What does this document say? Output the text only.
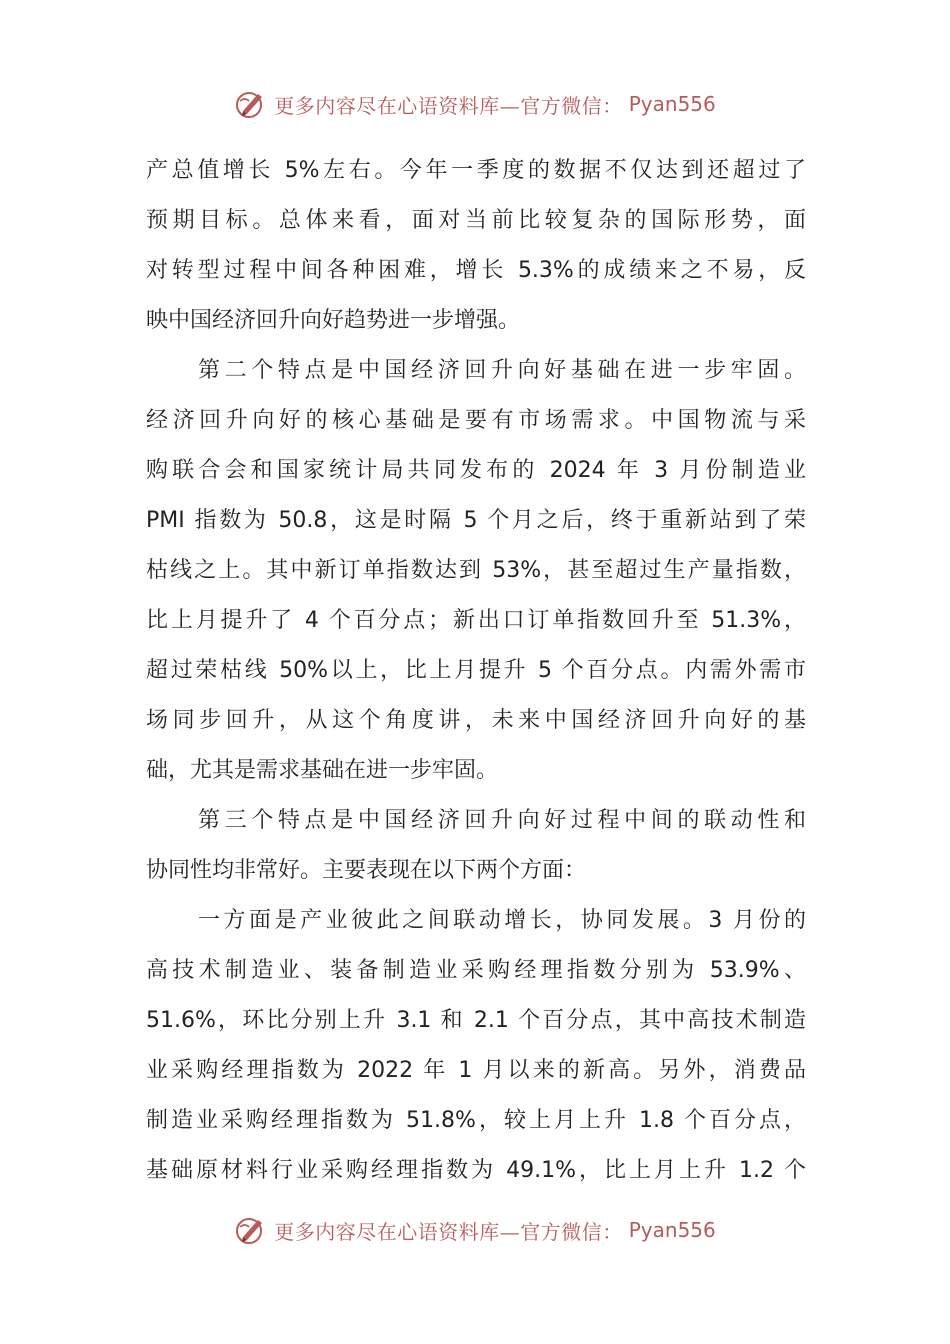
更多内容尽在心语资料库—官方微信： Pyan556
产总值增长 5%左右。今年一季度的数据不仅达到还超过了
预期目标。总体来看，面对当前比较复杂的国际形势，面
对转型过程中间各种困难，增长 5.3%的成绩来之不易，反
映中国经济回升向好趋势进一步增强。
第二个特点是中国经济回升向好基础在进一步牢固。
经济回升向好的核心基础是要有市场需求。中国物流与采
购联合会和国家统计局共同发布的 2024 年 3 月份制造业
PMI 指数为 50.8，这是时隔 5 个月之后，终于重新站到了荣
枯线之上。其中新订单指数达到 53%，甚至超过生产量指数，
比上月提升了 4 个百分点；新出口订单指数回升至 51.3%，
超过荣枯线 50%以上，比上月提升 5 个百分点。内需外需市
场同步回升，从这个角度讲，未来中国经济回升向好的基
础，尤其是需求基础在进一步牢固。
第三个特点是中国经济回升向好过程中间的联动性和
协同性均非常好。主要表现在以下两个方面：
一方面是产业彼此之间联动增长，协同发展。3 月份的
高技术制造业、装备制造业采购经理指数分别为 53.9%、
51.6%，环比分别上升 3.1 和 2.1 个百分点，其中高技术制造
业采购经理指数为 2022 年 1 月以来的新高。另外，消费品
制造业采购经理指数为 51.8%，较上月上升 1.8 个百分点，
基础原材料行业采购经理指数为 49.1%，比上月上升 1.2 个
更多内容尽在心语资料库—官方微信： Pyan556
